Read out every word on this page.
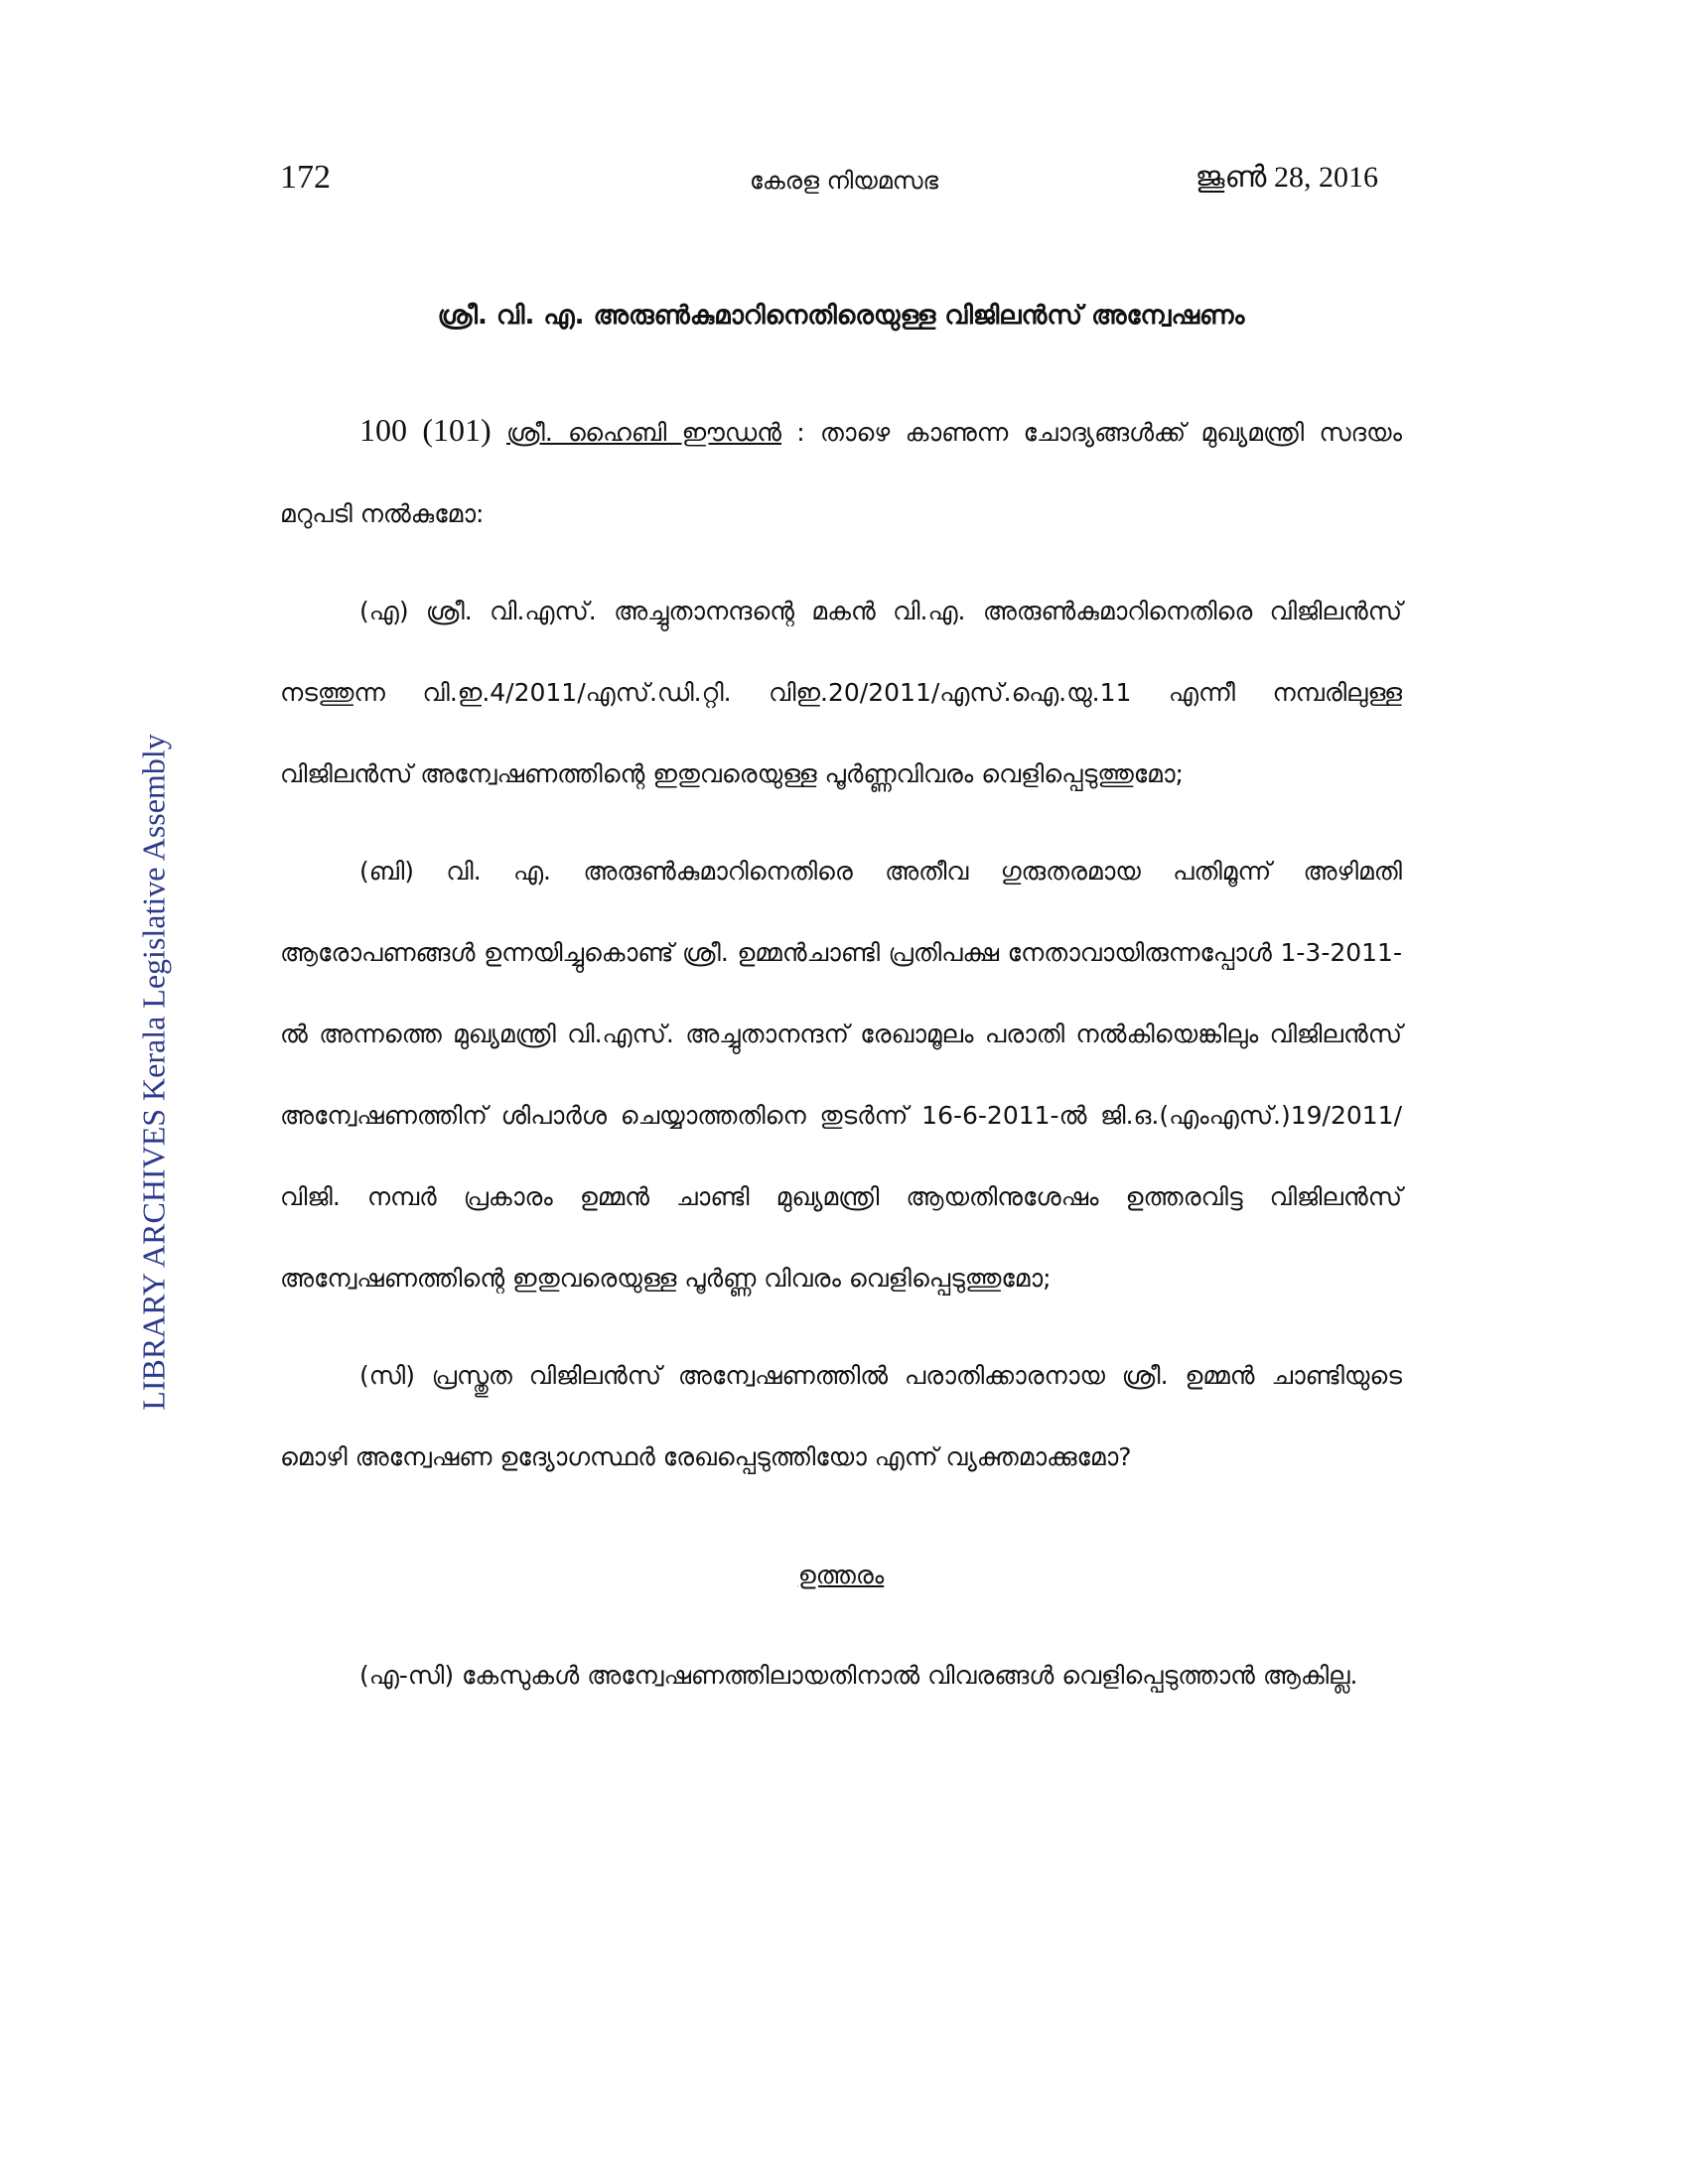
172	കേരള നിയമസഭ	ജൂൺ 28, 2016
LIBRARY ARCHIVES Kerala Legislative Assembly
ശ്രീ. വി. എ. അരുൺകുമാറിനെതിരെയുള്ള വിജിലൻസ് അന്വേഷണം

100 (101) ശ്രീ. ഹൈബി ഈഡൻ : താഴെ കാണുന്ന ചോദ്യങ്ങൾക്ക് മുഖ്യമന്ത്രി സദയം മറുപടി നൽകുമോ:

(എ) ശ്രീ. വി.എസ്. അച്ചുതാനന്ദന്റെ മകൻ വി.എ. അരുൺകുമാറിനെതിരെ വിജിലൻസ് നടത്തുന്ന വി.ഇ.4/2011/എസ്.ഡി.റ്റി. വിഇ.20/2011/എസ്.ഐ.യു.11 എന്നീ നമ്പരിലുള്ള വിജിലൻസ് അന്വേഷണത്തിന്റെ ഇതുവരെയുള്ള പൂർണ്ണവിവരം വെളിപ്പെടുത്തുമോ;

(ബി) വി. എ. അരുൺകുമാറിനെതിരെ അതീവ ഗുരുതരമായ പതിമൂന്ന് അഴിമതി ആരോപണങ്ങൾ ഉന്നയിച്ചുകൊണ്ട് ശ്രീ. ഉമ്മൻചാണ്ടി പ്രതിപക്ഷ നേതാവായിരുന്നപ്പോൾ 1-3-2011-ൽ അന്നത്തെ മുഖ്യമന്ത്രി വി.എസ്. അച്ചുതാനന്ദന് രേഖാമൂലം പരാതി നൽകിയെങ്കിലും വിജിലൻസ് അന്വേഷണത്തിന് ശിപാർശ ചെയ്യാത്തതിനെ തുടർന്ന് 16-6-2011-ൽ ജി.ഒ.(എംഎസ്.)19/2011/വിജി. നമ്പർ പ്രകാരം ഉമ്മൻ ചാണ്ടി മുഖ്യമന്ത്രി ആയതിനുശേഷം ഉത്തരവിട്ട വിജിലൻസ് അന്വേഷണത്തിന്റെ ഇതുവരെയുള്ള പൂർണ്ണ വിവരം വെളിപ്പെടുത്തുമോ;

(സി) പ്രസ്തുത വിജിലൻസ് അന്വേഷണത്തിൽ പരാതിക്കാരനായ ശ്രീ. ഉമ്മൻ ചാണ്ടിയുടെ മൊഴി അന്വേഷണ ഉദ്യോഗസ്ഥർ രേഖപ്പെടുത്തിയോ എന്ന് വ്യക്തമാക്കുമോ?

ഉത്തരം

(എ-സി) കേസുകൾ അന്വേഷണത്തിലായതിനാൽ വിവരങ്ങൾ വെളിപ്പെടുത്താൻ ആകില്ല.
